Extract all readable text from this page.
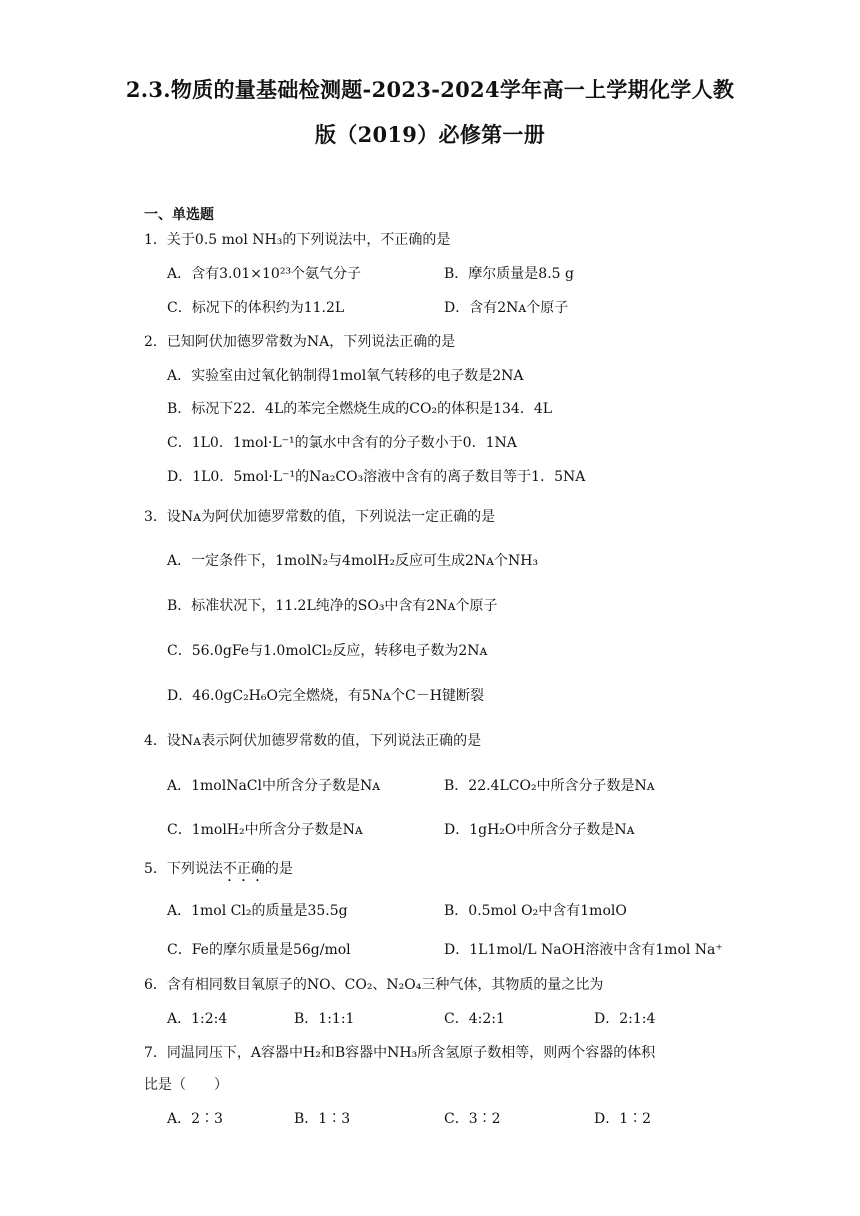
2.3.物质的量基础检测题-2023-2024学年高一上学期化学人教
版（2019）必修第一册
一、单选题
1．关于0.5 mol NH₃的下列说法中，不正确的是
A．含有3.01×10²³个氨气分子	B．摩尔质量是8.5 g
C．标况下的体积约为11.2L	D．含有2Nᴀ个原子
2．已知阿伏加德罗常数为NA，下列说法正确的是
A．实验室由过氧化钠制得1mol氧气转移的电子数是2NA
B．标况下22．4L的苯完全燃烧生成的CO₂的体积是134．4L
C．1L0．1mol·L⁻¹的氯水中含有的分子数小于0．1NA
D．1L0．5mol·L⁻¹的Na₂CO₃溶液中含有的离子数目等于1．5NA
3．设Nᴀ为阿伏加德罗常数的值，下列说法一定正确的是
A．一定条件下，1molN₂与4molH₂反应可生成2Nᴀ个NH₃
B．标准状况下，11.2L纯净的SO₃中含有2Nᴀ个原子
C．56.0gFe与1.0molCl₂反应，转移电子数为2Nᴀ
D．46.0gC₂H₆O完全燃烧，有5Nᴀ个C－H键断裂
4．设Nᴀ表示阿伏加德罗常数的值，下列说法正确的是
A．1molNaCl中所含分子数是Nᴀ	B．22.4LCO₂中所含分子数是Nᴀ
C．1molH₂中所含分子数是Nᴀ	D．1gH₂O中所含分子数是Nᴀ
5．下列说法不正确的是
A．1mol Cl₂的质量是35.5g	B．0.5mol O₂中含有1molO
C．Fe的摩尔质量是56g/mol	D．1L1mol/L NaOH溶液中含有1mol Na⁺
6．含有相同数目氧原子的NO、CO₂、N₂O₄三种气体，其物质的量之比为
A．1:2:4	B．1:1:1	C．4:2:1	D．2:1:4
7．同温同压下，A容器中H₂和B容器中NH₃所含氢原子数相等，则两个容器的体积
比是（　　）
A．2∶3	B．1∶3	C．3∶2	D．1∶2
